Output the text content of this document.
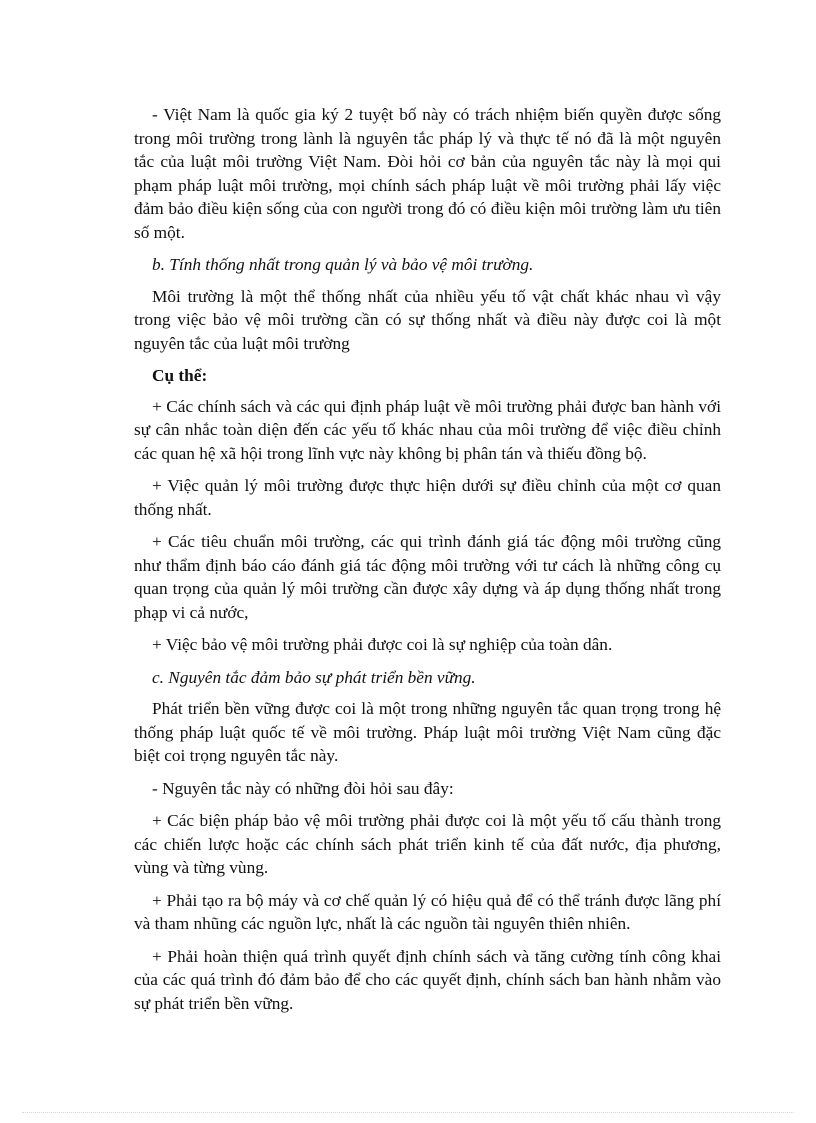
- Việt Nam là quốc gia ký 2 tuyệt bố này có trách nhiệm biến quyền được sống trong môi trường trong lành là nguyên tắc pháp lý và thực tế nó đã là một nguyên tắc của luật môi trường Việt Nam. Đòi hỏi cơ bản của nguyên tắc này là mọi qui phạm pháp luật môi trường, mọi chính sách pháp luật về môi trường phải lấy việc đảm bảo điều kiện sống của con người trong đó có điều kiện môi trường làm ưu tiên số một.

b. Tính thống nhất trong quản lý và bảo vệ môi trường.

Môi trường là một thể thống nhất của nhiều yếu tố vật chất khác nhau vì vậy trong việc bảo vệ môi trường cần có sự thống nhất và điều này được coi là một nguyên tắc của luật môi trường

Cụ thể:

+ Các chính sách và các qui định pháp luật về môi trường phải được ban hành với sự cân nhắc toàn diện đến các yếu tố khác nhau của môi trường để việc điều chỉnh các quan hệ xã hội trong lĩnh vực này không bị phân tán và thiếu đồng bộ.

+ Việc quản lý môi trường được thực hiện dưới sự điều chỉnh của một cơ quan thống nhất.

+ Các tiêu chuẩn môi trường, các qui trình đánh giá tác động môi trường cũng như thẩm định báo cáo đánh giá tác động môi trường với tư cách là những công cụ quan trọng của quản lý môi trường cần được xây dựng và áp dụng thống nhất trong phạp vi cả nước,

+ Việc bảo vệ môi trường phải được coi là sự nghiệp của toàn dân.

c. Nguyên tắc đảm bảo sự phát triển bền vững.

Phát triển bền vững được coi là một trong những nguyên tắc quan trọng trong hệ thống pháp luật quốc tế về môi trường. Pháp luật môi trường Việt Nam cũng đặc biệt coi trọng nguyên tắc này.

- Nguyên tắc này có những đòi hỏi sau đây:

+ Các biện pháp bảo vệ môi trường phải được coi là một yếu tố cấu thành trong các chiến lược hoặc các chính sách phát triển kinh tế của đất nước, địa phương, vùng và từng vùng.

+ Phải tạo ra bộ máy và cơ chế quản lý có hiệu quả để có thể tránh được lãng phí và tham nhũng các nguồn lực, nhất là các nguồn tài nguyên thiên nhiên.

+ Phải hoàn thiện quá trình quyết định chính sách và tăng cường tính công khai của các quá trình đó đảm bảo để cho các quyết định, chính sách ban hành nhằm vào sự phát triển bền vững.
